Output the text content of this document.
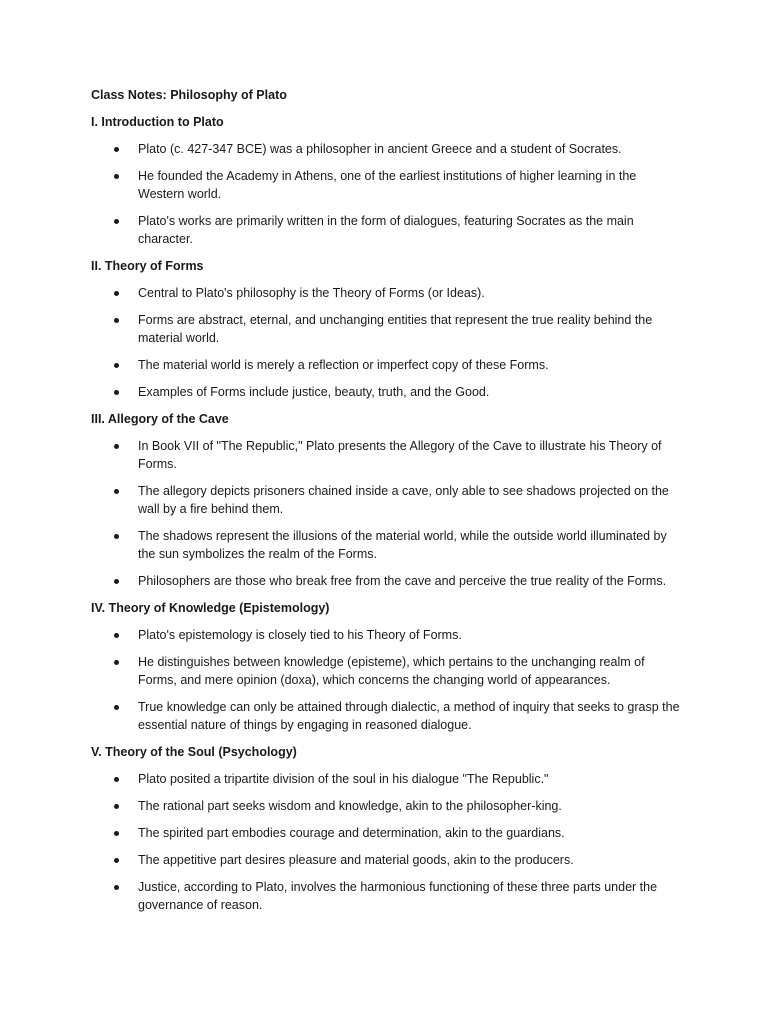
Class Notes: Philosophy of Plato
I. Introduction to Plato
Plato (c. 427-347 BCE) was a philosopher in ancient Greece and a student of Socrates.
He founded the Academy in Athens, one of the earliest institutions of higher learning in the Western world.
Plato's works are primarily written in the form of dialogues, featuring Socrates as the main character.
II. Theory of Forms
Central to Plato's philosophy is the Theory of Forms (or Ideas).
Forms are abstract, eternal, and unchanging entities that represent the true reality behind the material world.
The material world is merely a reflection or imperfect copy of these Forms.
Examples of Forms include justice, beauty, truth, and the Good.
III. Allegory of the Cave
In Book VII of "The Republic," Plato presents the Allegory of the Cave to illustrate his Theory of Forms.
The allegory depicts prisoners chained inside a cave, only able to see shadows projected on the wall by a fire behind them.
The shadows represent the illusions of the material world, while the outside world illuminated by the sun symbolizes the realm of the Forms.
Philosophers are those who break free from the cave and perceive the true reality of the Forms.
IV. Theory of Knowledge (Epistemology)
Plato's epistemology is closely tied to his Theory of Forms.
He distinguishes between knowledge (episteme), which pertains to the unchanging realm of Forms, and mere opinion (doxa), which concerns the changing world of appearances.
True knowledge can only be attained through dialectic, a method of inquiry that seeks to grasp the essential nature of things by engaging in reasoned dialogue.
V. Theory of the Soul (Psychology)
Plato posited a tripartite division of the soul in his dialogue "The Republic."
The rational part seeks wisdom and knowledge, akin to the philosopher-king.
The spirited part embodies courage and determination, akin to the guardians.
The appetitive part desires pleasure and material goods, akin to the producers.
Justice, according to Plato, involves the harmonious functioning of these three parts under the governance of reason.
